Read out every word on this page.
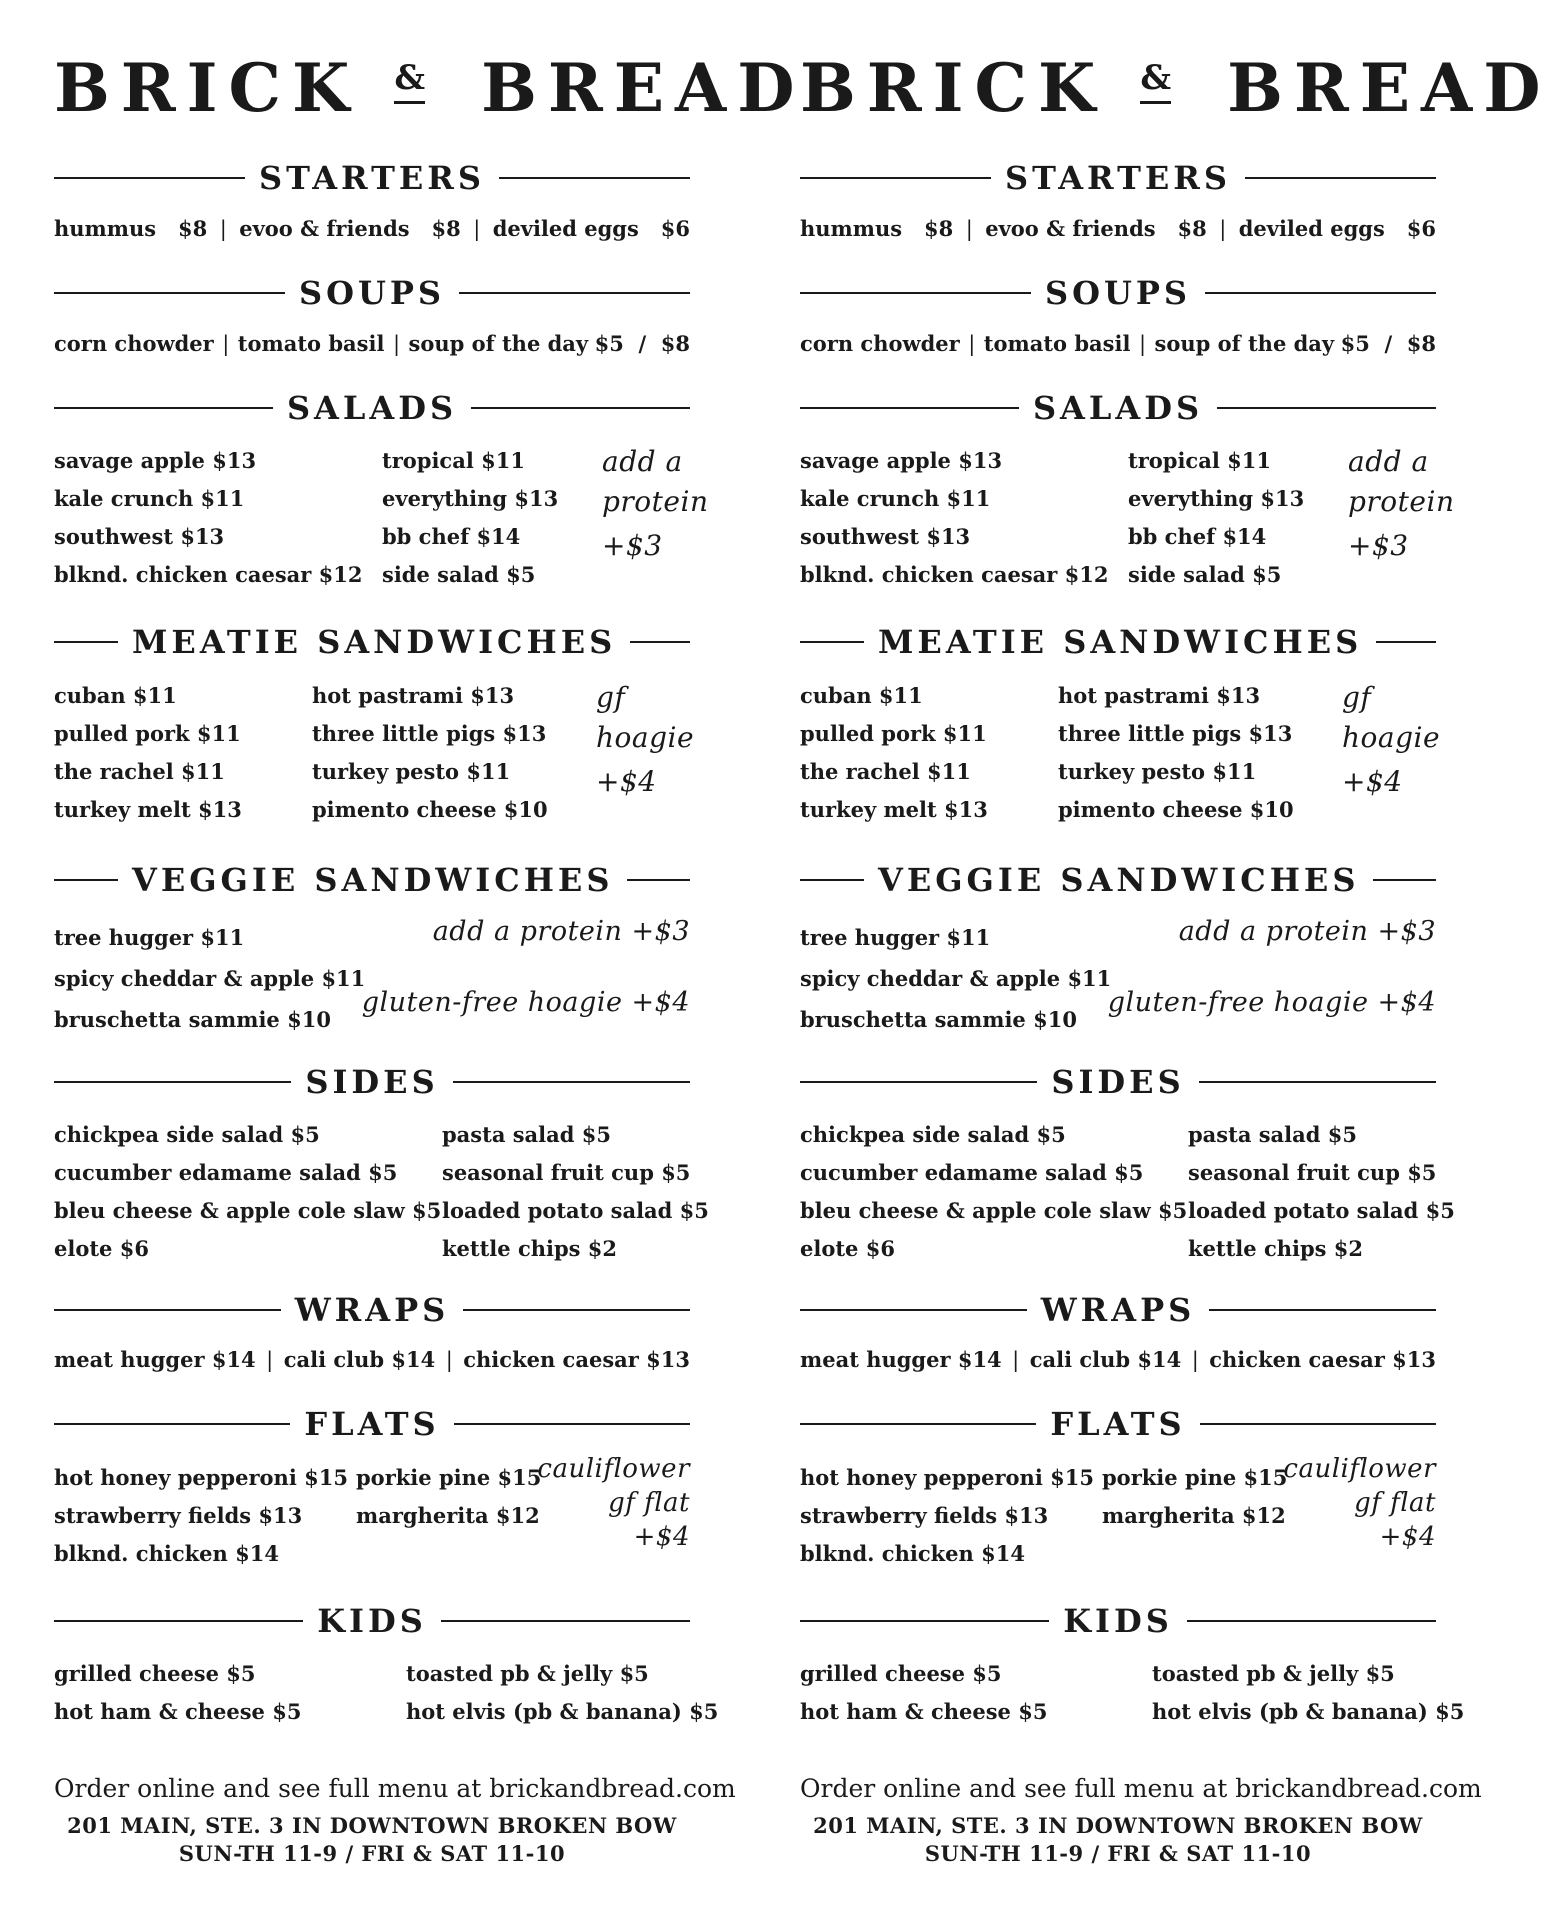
BRICK & BREAD
STARTERS
hummus $8 | evoo & friends $8 | deviled eggs $6
SOUPS
corn chowder | tomato basil | soup of the day $5  /  $8
SALADS
savage apple $13
kale crunch $11
southwest $13
blknd. chicken caesar $12
tropical $11
everything $13
bb chef $14
side salad $5
add a
protein
+$3
MEATIE SANDWICHES
cuban $11
pulled pork $11
the rachel $11
turkey melt $13
hot pastrami $13
three little pigs $13
turkey pesto $11
pimento cheese $10
gf
hoagie
+$4
VEGGIE SANDWICHES
tree hugger $11
spicy cheddar & apple $11
bruschetta sammie $10
add a protein +$3
gluten-free hoagie +$4
SIDES
chickpea side salad $5
cucumber edamame salad $5
bleu cheese & apple cole slaw $5
elote $6
pasta salad $5
seasonal fruit cup $5
loaded potato salad $5
kettle chips $2
WRAPS
meat hugger $14 | cali club $14 | chicken caesar $13
FLATS
hot honey pepperoni $15
strawberry fields $13
blknd. chicken $14
porkie pine $15
margherita $12
cauliflower
gf flat
+$4
KIDS
grilled cheese $5
hot ham & cheese $5
toasted pb & jelly $5
hot elvis (pb & banana) $5
Order online and see full menu at brickandbread.com
201 MAIN, STE. 3 IN DOWNTOWN BROKEN BOW
SUN-TH 11-9 / FRI & SAT 11-10
BRICK & BREAD
STARTERS
hummus $8 | evoo & friends $8 | deviled eggs $6
SOUPS
corn chowder | tomato basil | soup of the day $5  /  $8
SALADS
savage apple $13
kale crunch $11
southwest $13
blknd. chicken caesar $12
tropical $11
everything $13
bb chef $14
side salad $5
add a
protein
+$3
MEATIE SANDWICHES
cuban $11
pulled pork $11
the rachel $11
turkey melt $13
hot pastrami $13
three little pigs $13
turkey pesto $11
pimento cheese $10
gf
hoagie
+$4
VEGGIE SANDWICHES
tree hugger $11
spicy cheddar & apple $11
bruschetta sammie $10
add a protein +$3
gluten-free hoagie +$4
SIDES
chickpea side salad $5
cucumber edamame salad $5
bleu cheese & apple cole slaw $5
elote $6
pasta salad $5
seasonal fruit cup $5
loaded potato salad $5
kettle chips $2
WRAPS
meat hugger $14 | cali club $14 | chicken caesar $13
FLATS
hot honey pepperoni $15
strawberry fields $13
blknd. chicken $14
porkie pine $15
margherita $12
cauliflower
gf flat
+$4
KIDS
grilled cheese $5
hot ham & cheese $5
toasted pb & jelly $5
hot elvis (pb & banana) $5
Order online and see full menu at brickandbread.com
201 MAIN, STE. 3 IN DOWNTOWN BROKEN BOW
SUN-TH 11-9 / FRI & SAT 11-10
